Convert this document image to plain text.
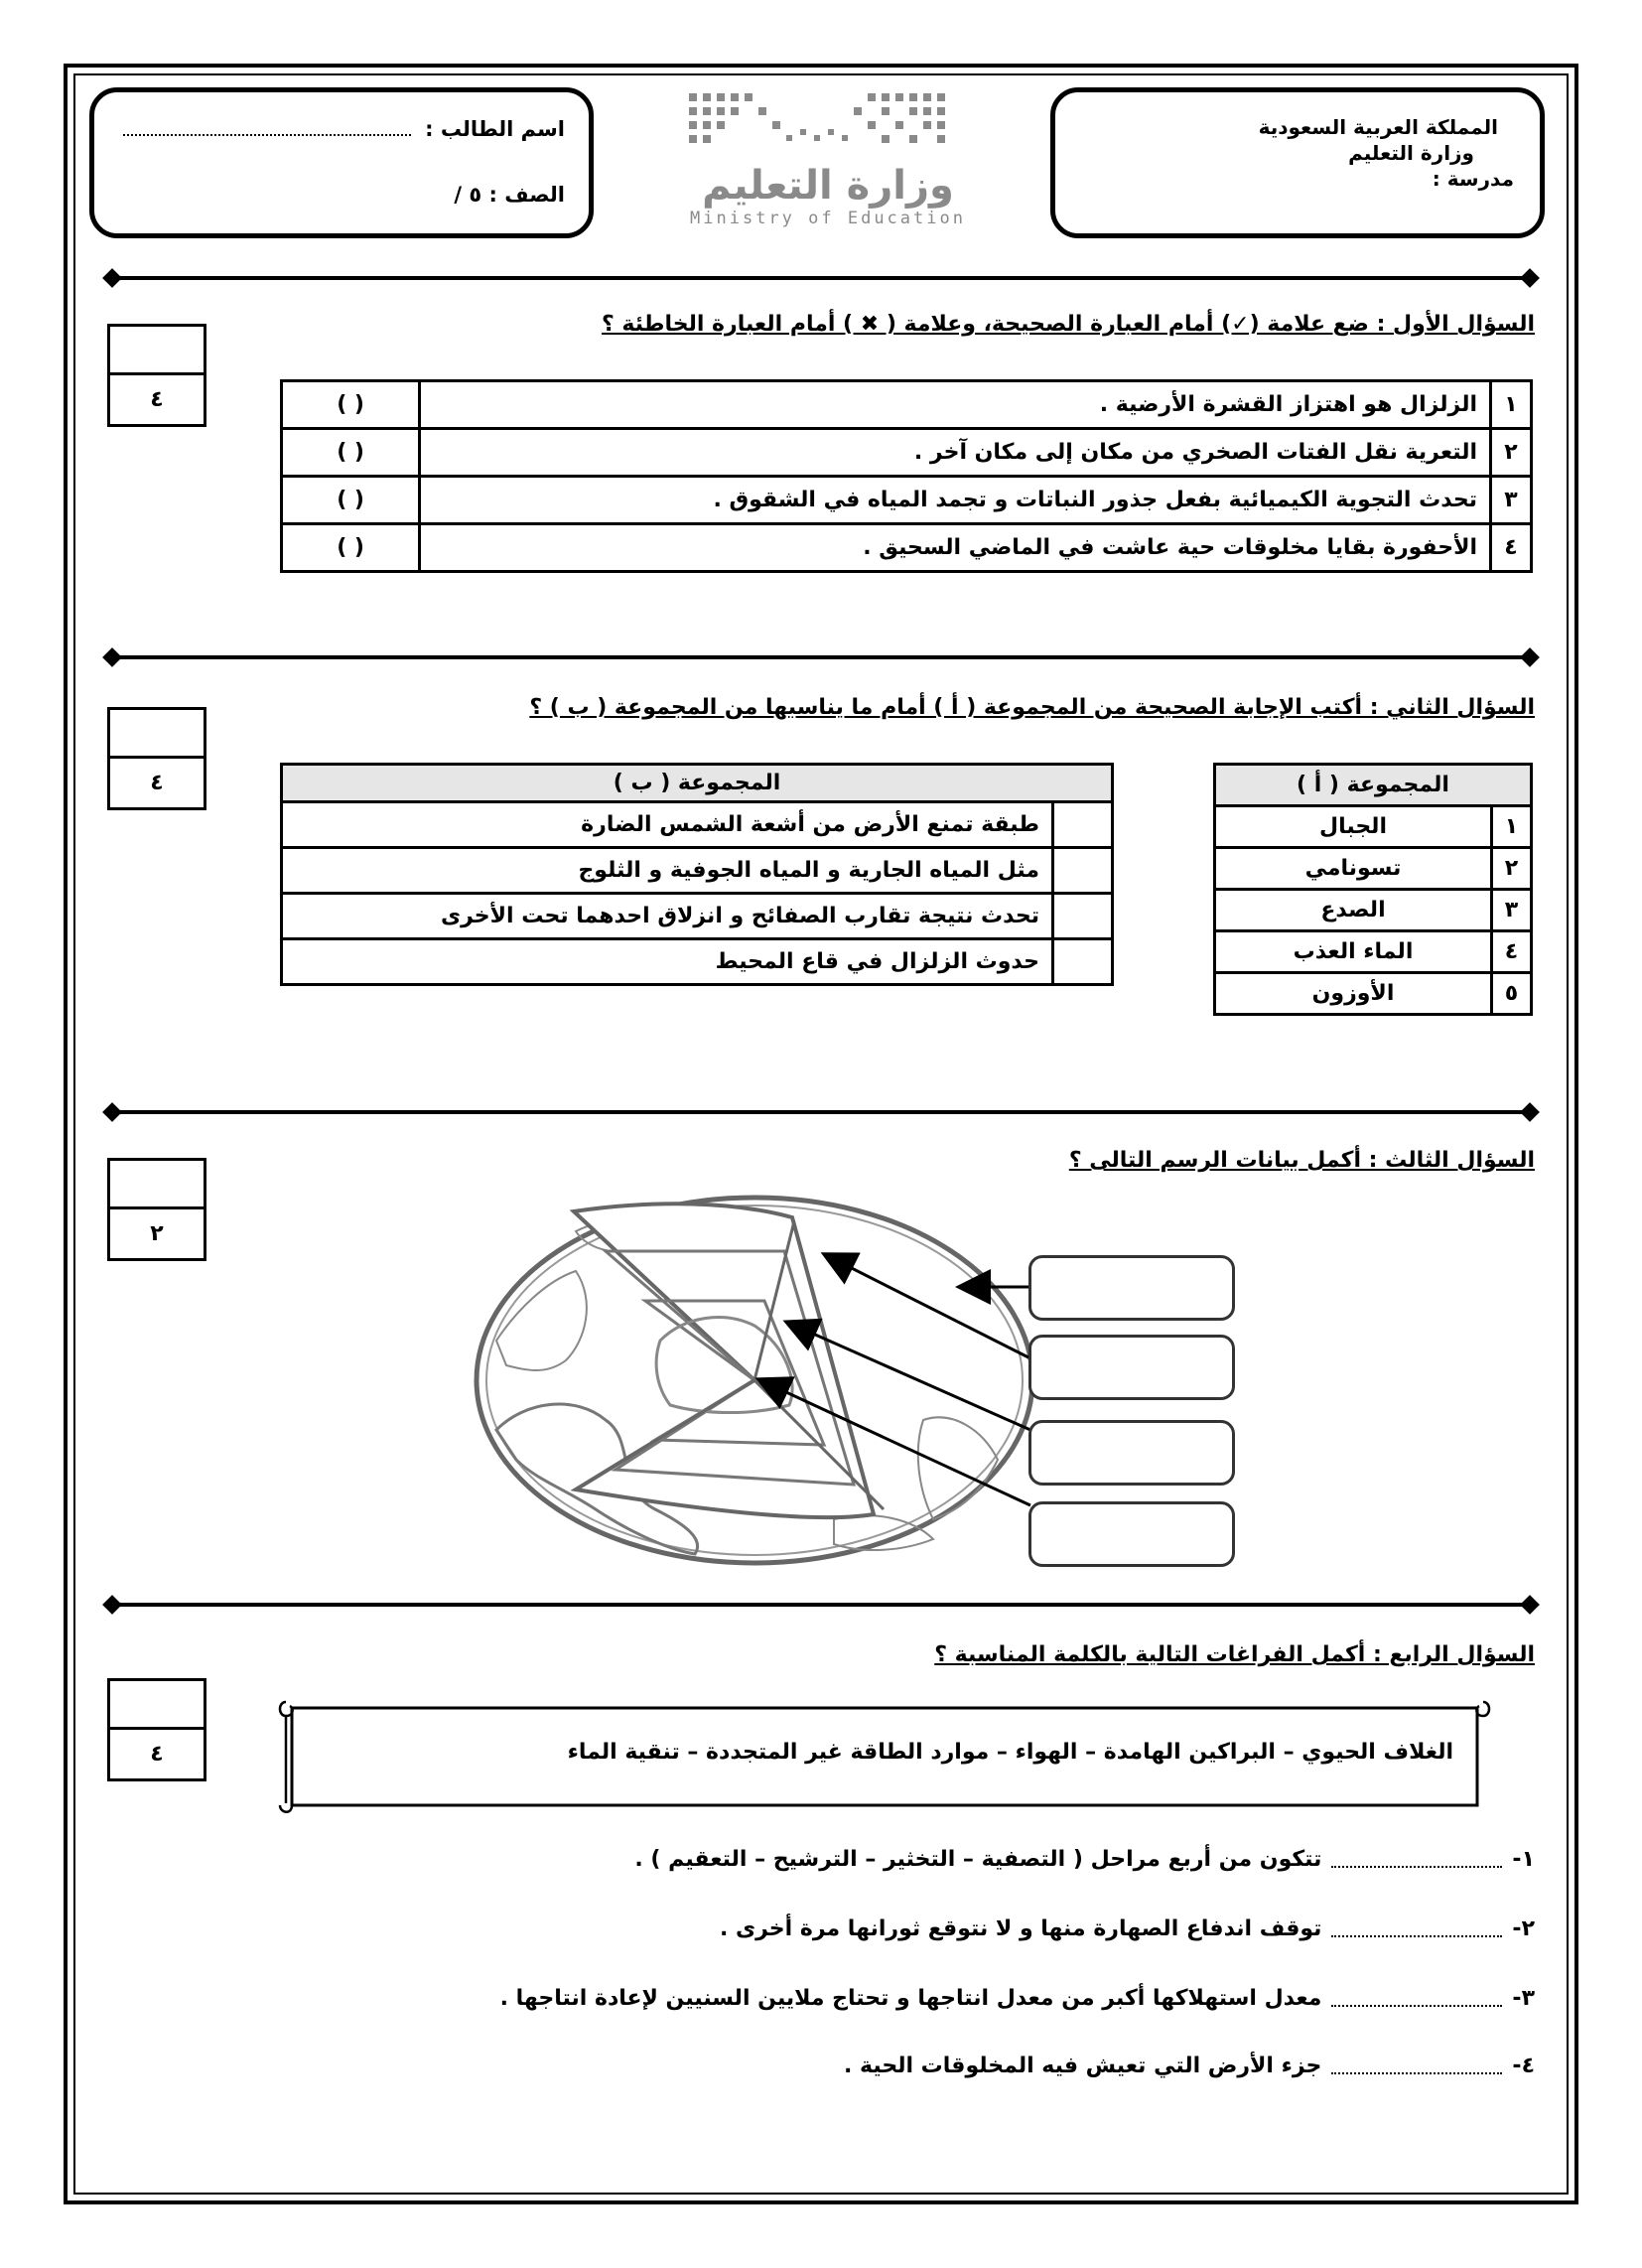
المملكة العربية السعودية
وزارة التعليم
مدرسة :
وزارة التعليم
Ministry of Education
اسم الطالب :
الصف : ٥ /
السؤال الأول : ضع علامة (✓) أمام العبارة الصحيحة، وعلامة ( ✖ ) أمام العبارة الخاطئة ؟
٤	( )	الزلزال هو اهتزاز القشرة الأرضية .	١
( )	التعرية نقل الفتات الصخري من مكان إلى مكان آخر .	٢
( )	تحدث التجوية الكيميائية بفعل جذور النباتات و تجمد المياه في الشقوق .	٣
( )	الأحفورة بقايا مخلوقات حية عاشت في الماضي السحيق .	٤
السؤال الثاني : أكتب الإجابة الصحيحة من المجموعة ( أ ) أمام ما يناسبها من المجموعة ( ب ) ؟
٤	المجموعة ( ب )	
	طبقة تمنع الأرض من أشعة الشمس الضارة
	مثل المياه الجارية و المياه الجوفية و الثلوج
	تحدث نتيجة تقارب الصفائح و انزلاق احدهما تحت الأخرى
	حدوث الزلزال في قاع المحيط
المجموعة ( أ )	
١	الجبال
٢	تسونامي
٣	الصدع
٤	الماء العذب
٥	الأوزون
السؤال الثالث : أكمل بيانات الرسم التالى ؟
٢
السؤال الرابع : أكمل الفراغات التالية بالكلمة المناسبة ؟
٤	الغلاف الحيوي – البراكين الهامدة – الهواء – موارد الطاقة غير المتجددة – تنقية الماء
١-تتكون من أربع مراحل ( التصفية – التخثير – الترشيح – التعقيم ) .
٢-توقف اندفاع الصهارة منها و لا نتوقع ثورانها مرة أخرى .
٣-معدل استهلاكها أكبر من معدل انتاجها و تحتاج ملايين السنيين لإعادة انتاجها .
٤-جزء الأرض التي تعيش فيه المخلوقات الحية .
